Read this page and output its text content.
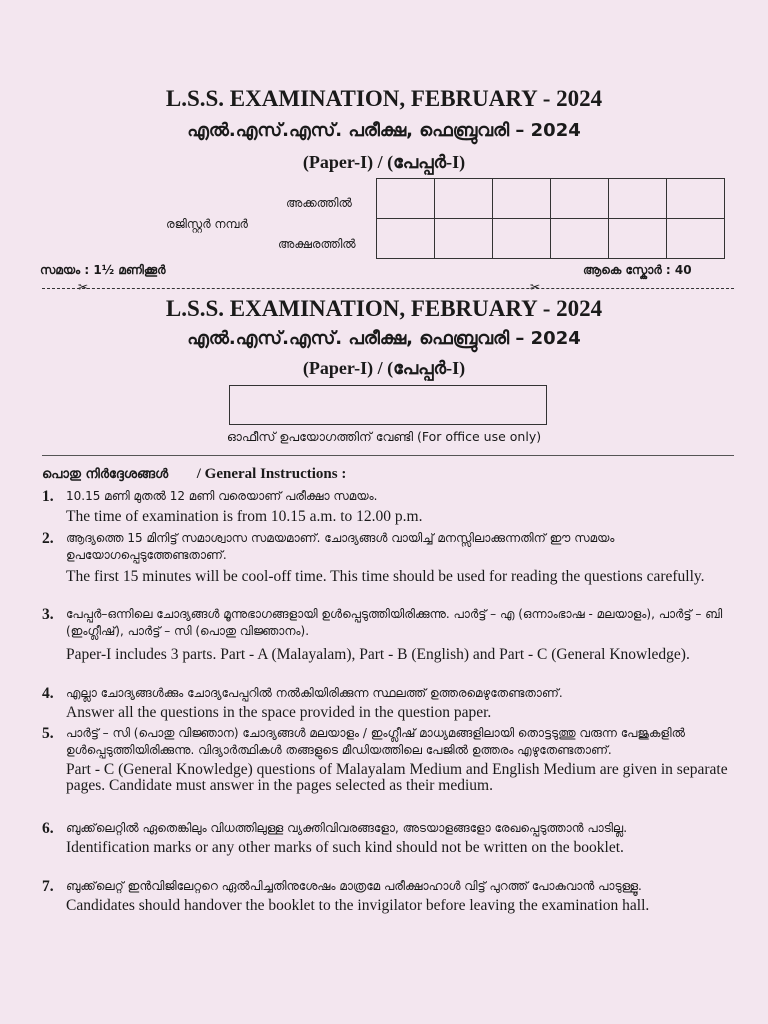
L.S.S. EXAMINATION, FEBRUARY - 2024
എൽ.എസ്.എസ്. പരീക്ഷ, ഫെബ്രുവരി – 2024
(Paper-I) / (പേപ്പർ-I)
അക്കത്തിൽ
രജിസ്റ്റർ നമ്പർ
അക്ഷരത്തിൽ

സമയം : 1½ മണിക്കൂർ	ആകെ സ്കോർ : 40
✂	✂
L.S.S. EXAMINATION, FEBRUARY - 2024
എൽ.എസ്.എസ്. പരീക്ഷ, ഫെബ്രുവരി – 2024
(Paper-I) / (പേപ്പർ-I)
ഓഫീസ് ഉപയോഗത്തിന് വേണ്ടി (For office use only)
പൊതു നിർദ്ദേശങ്ങൾ / General Instructions :
1. 10.15 മണി മുതൽ 12 മണി വരെയാണ് പരീക്ഷാ സമയം.
The time of examination is from 10.15 a.m. to 12.00 p.m.
2. ആദ്യത്തെ 15 മിനിട്ട് സമാശ്വാസ സമയമാണ്. ചോദ്യങ്ങൾ വായിച്ച് മനസ്സിലാക്കുന്നതിന് ഈ സമയം ഉപയോഗപ്പെടുത്തേണ്ടതാണ്.
The first 15 minutes will be cool-off time. This time should be used for reading the questions carefully.
3. പേപ്പർ–ഒന്നിലെ ചോദ്യങ്ങൾ മൂന്നുഭാഗങ്ങളായി ഉൾപ്പെടുത്തിയിരിക്കുന്നു. പാർട്ട് – എ (ഒന്നാംഭാഷ - മലയാളം), പാർട്ട് – ബി (ഇംഗ്ലീഷ്), പാർട്ട് – സി (പൊതു വിജ്ഞാനം).
Paper-I includes 3 parts. Part - A (Malayalam), Part - B (English) and Part - C (General Knowledge).
4. എല്ലാ ചോദ്യങ്ങൾക്കും ചോദ്യപേപ്പറിൽ നൽകിയിരിക്കുന്ന സ്ഥലത്ത് ഉത്തരമെഴുതേണ്ടതാണ്.
Answer all the questions in the space provided in the question paper.
5. പാർട്ട് – സി (പൊതു വിജ്ഞാന) ചോദ്യങ്ങൾ മലയാളം / ഇംഗ്ലീഷ് മാധ്യമങ്ങളിലായി തൊട്ടടുത്തു വരുന്ന പേജുകളിൽ ഉൾപ്പെടുത്തിയിരിക്കുന്നു. വിദ്യാർത്ഥികൾ തങ്ങളുടെ മീഡിയത്തിലെ പേജിൽ ഉത്തരം എഴുതേണ്ടതാണ്.
Part - C (General Knowledge) questions of Malayalam Medium and English Medium are given in separate pages. Candidate must answer in the pages selected as their medium.
6. ബുക്ക്‌ലെറ്റിൽ ഏതെങ്കിലും വിധത്തിലുള്ള വ്യക്തിവിവരങ്ങളോ, അടയാളങ്ങളോ രേഖപ്പെടുത്താൻ പാടില്ല.
Identification marks or any other marks of such kind should not be written on the booklet.
7. ബുക്ക്‌ലെറ്റ് ഇൻവിജിലേറ്ററെ ഏൽപിച്ചതിനുശേഷം മാത്രമേ പരീക്ഷാഹാൾ വിട്ട് പുറത്ത് പോകുവാൻ പാടുള്ളൂ.
Candidates should handover the booklet to the invigilator before leaving the examination hall.
